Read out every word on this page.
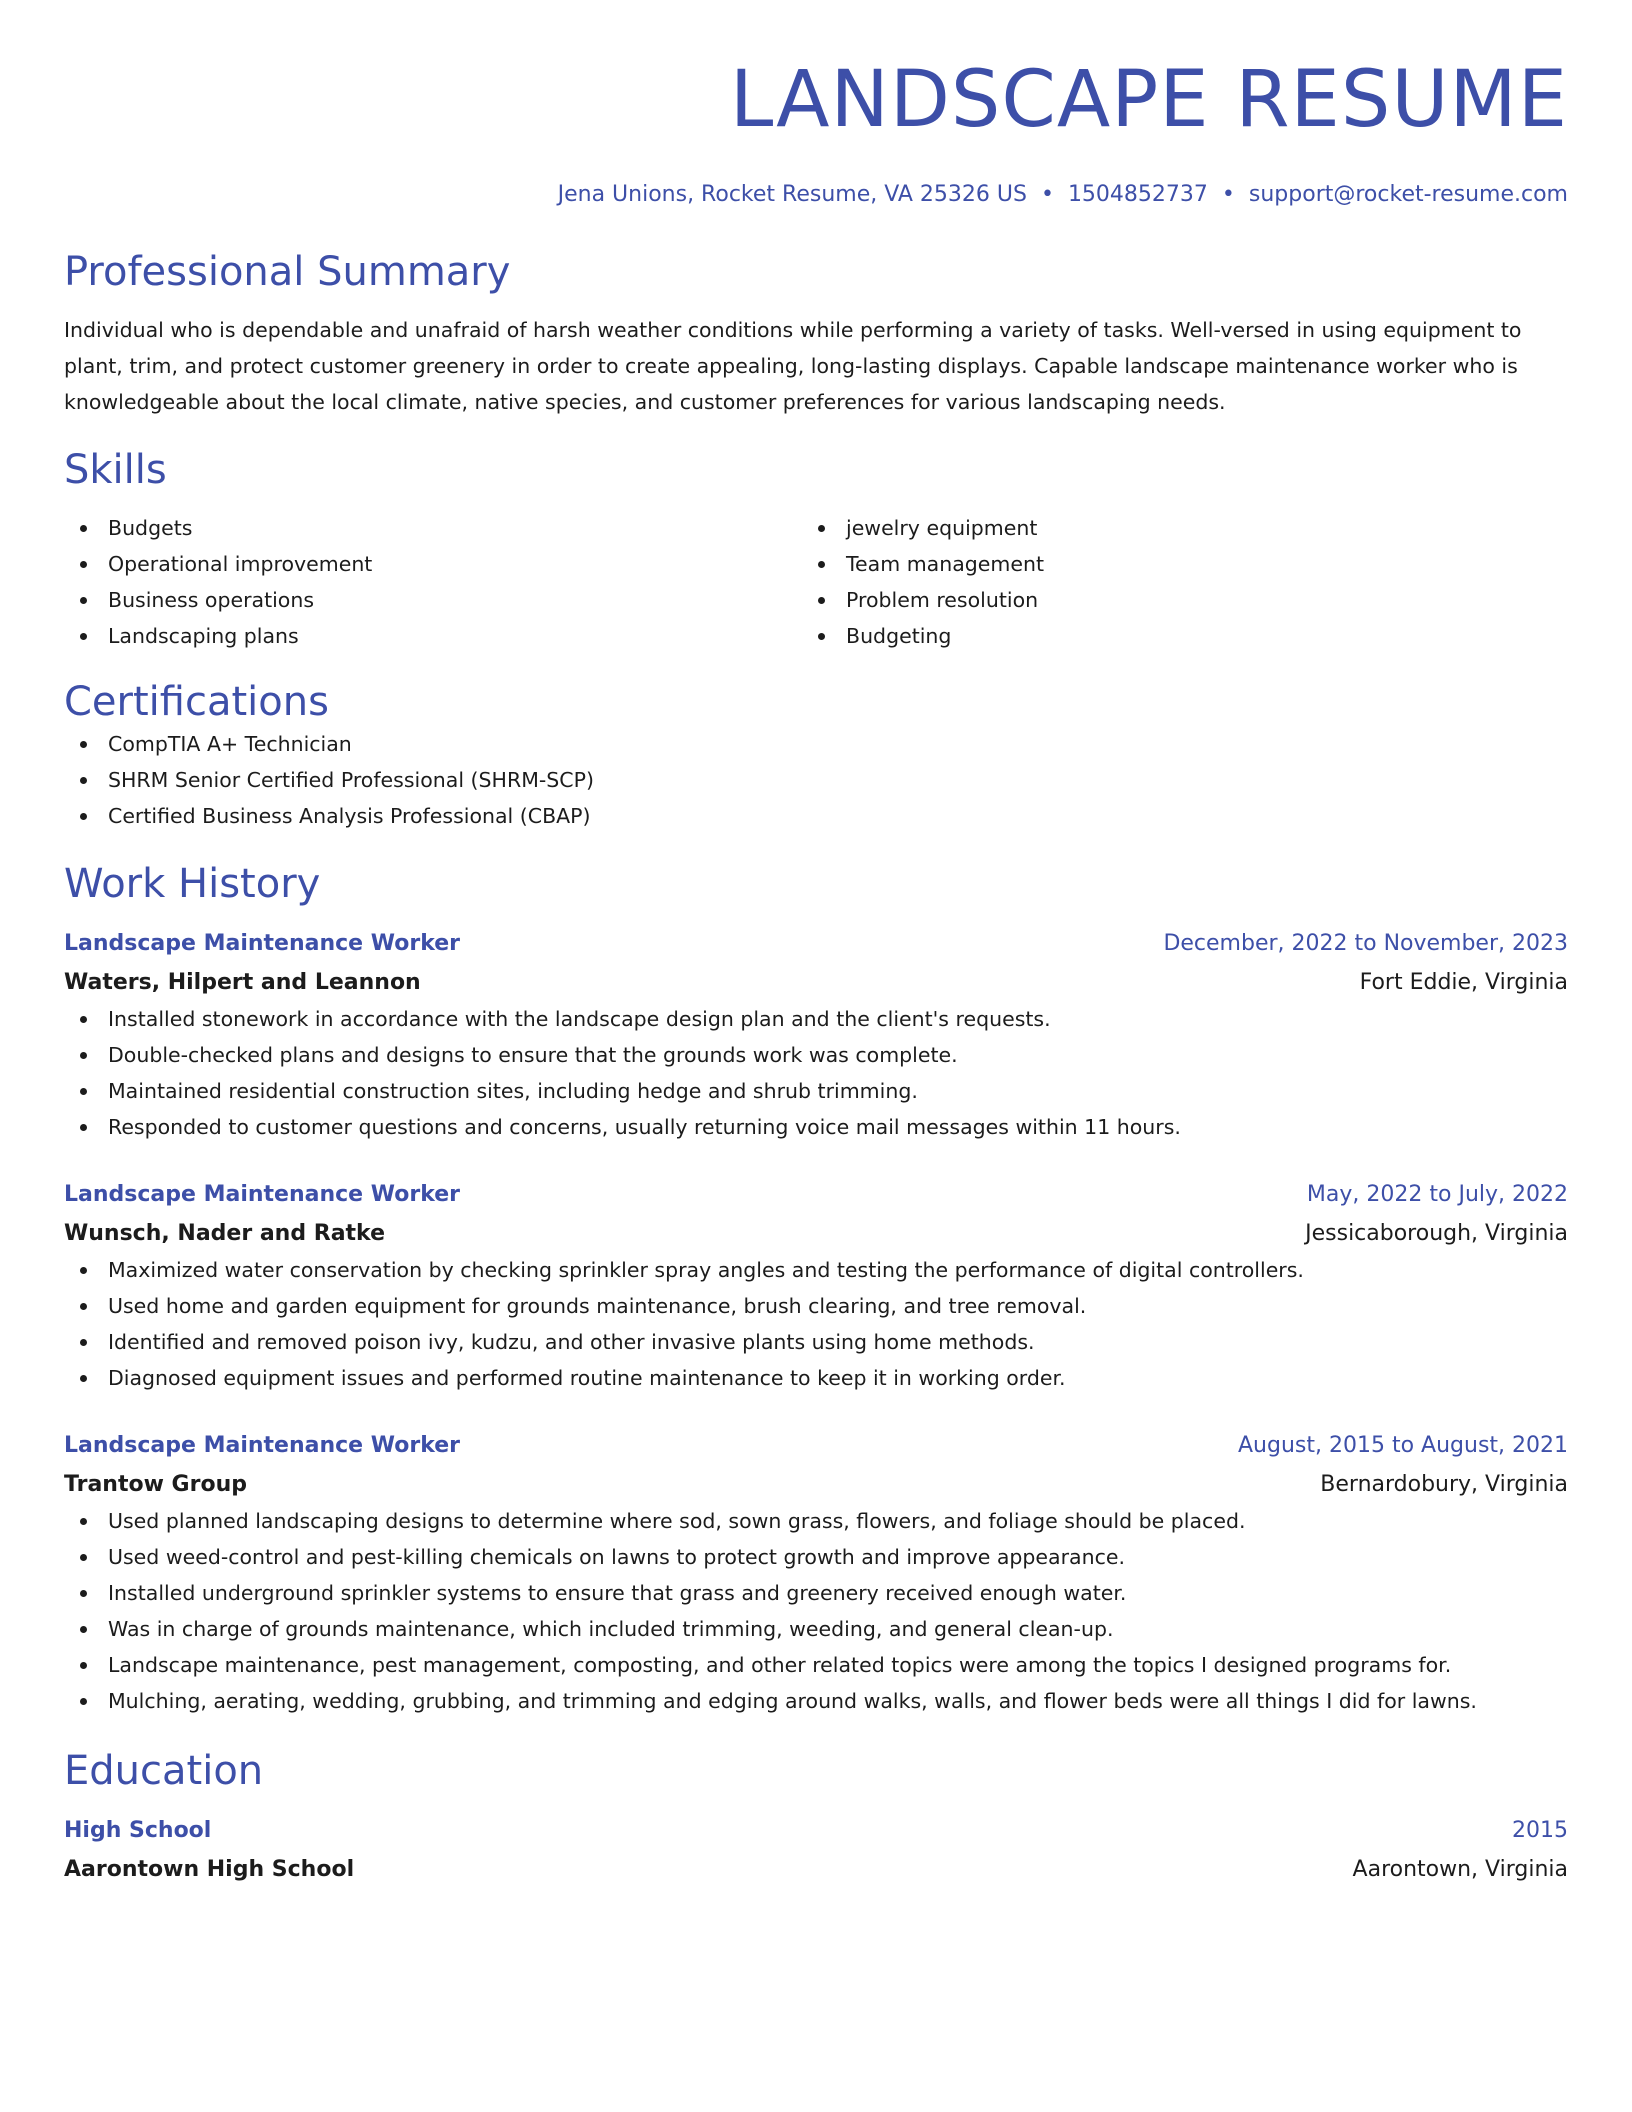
LANDSCAPE RESUME
Jena Unions, Rocket Resume, VA 25326 US • 1504852737 • support@rocket-resume.com
Professional Summary

Individual who is dependable and unafraid of harsh weather conditions while performing a variety of tasks. Well-versed in using equipment to plant, trim, and protect customer greenery in order to create appealing, long-lasting displays. Capable landscape maintenance worker who is knowledgeable about the local climate, native species, and customer preferences for various landscaping needs.

Skills
Budgets
Operational improvement
Business operations
Landscaping plans
jewelry equipment
Team management
Problem resolution
Budgeting
Certifications
CompTIA A+ Technician
SHRM Senior Certified Professional (SHRM-SCP)
Certified Business Analysis Professional (CBAP)
Work History
Landscape Maintenance Worker	December, 2022 to November, 2023
Waters, Hilpert and Leannon	Fort Eddie, Virginia
Installed stonework in accordance with the landscape design plan and the client's requests.
Double-checked plans and designs to ensure that the grounds work was complete.
Maintained residential construction sites, including hedge and shrub trimming.
Responded to customer questions and concerns, usually returning voice mail messages within 11 hours.
Landscape Maintenance Worker	May, 2022 to July, 2022
Wunsch, Nader and Ratke	Jessicaborough, Virginia
Maximized water conservation by checking sprinkler spray angles and testing the performance of digital controllers.
Used home and garden equipment for grounds maintenance, brush clearing, and tree removal.
Identified and removed poison ivy, kudzu, and other invasive plants using home methods.
Diagnosed equipment issues and performed routine maintenance to keep it in working order.
Landscape Maintenance Worker	August, 2015 to August, 2021
Trantow Group	Bernardobury, Virginia
Used planned landscaping designs to determine where sod, sown grass, flowers, and foliage should be placed.
Used weed-control and pest-killing chemicals on lawns to protect growth and improve appearance.
Installed underground sprinkler systems to ensure that grass and greenery received enough water.
Was in charge of grounds maintenance, which included trimming, weeding, and general clean-up.
Landscape maintenance, pest management, composting, and other related topics were among the topics I designed programs for.
Mulching, aerating, wedding, grubbing, and trimming and edging around walks, walls, and flower beds were all things I did for lawns.
Education
High School	2015
Aarontown High School	Aarontown, Virginia
